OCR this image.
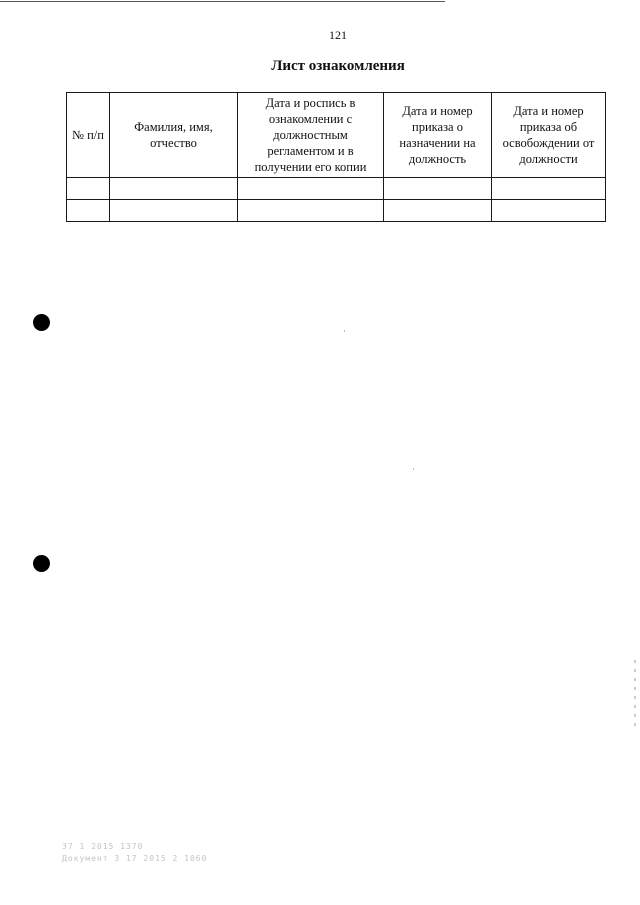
121
Лист ознакомления
№ п/п	Фамилия, имя, отчество	Дата и роспись в ознакомлении с должностным регламентом и в получении его копии	Дата и номер приказа о назначении на должность	Дата и номер приказа об освобождении от должности

37 1 2015 1370
Документ 3 17 2015 2 1060
